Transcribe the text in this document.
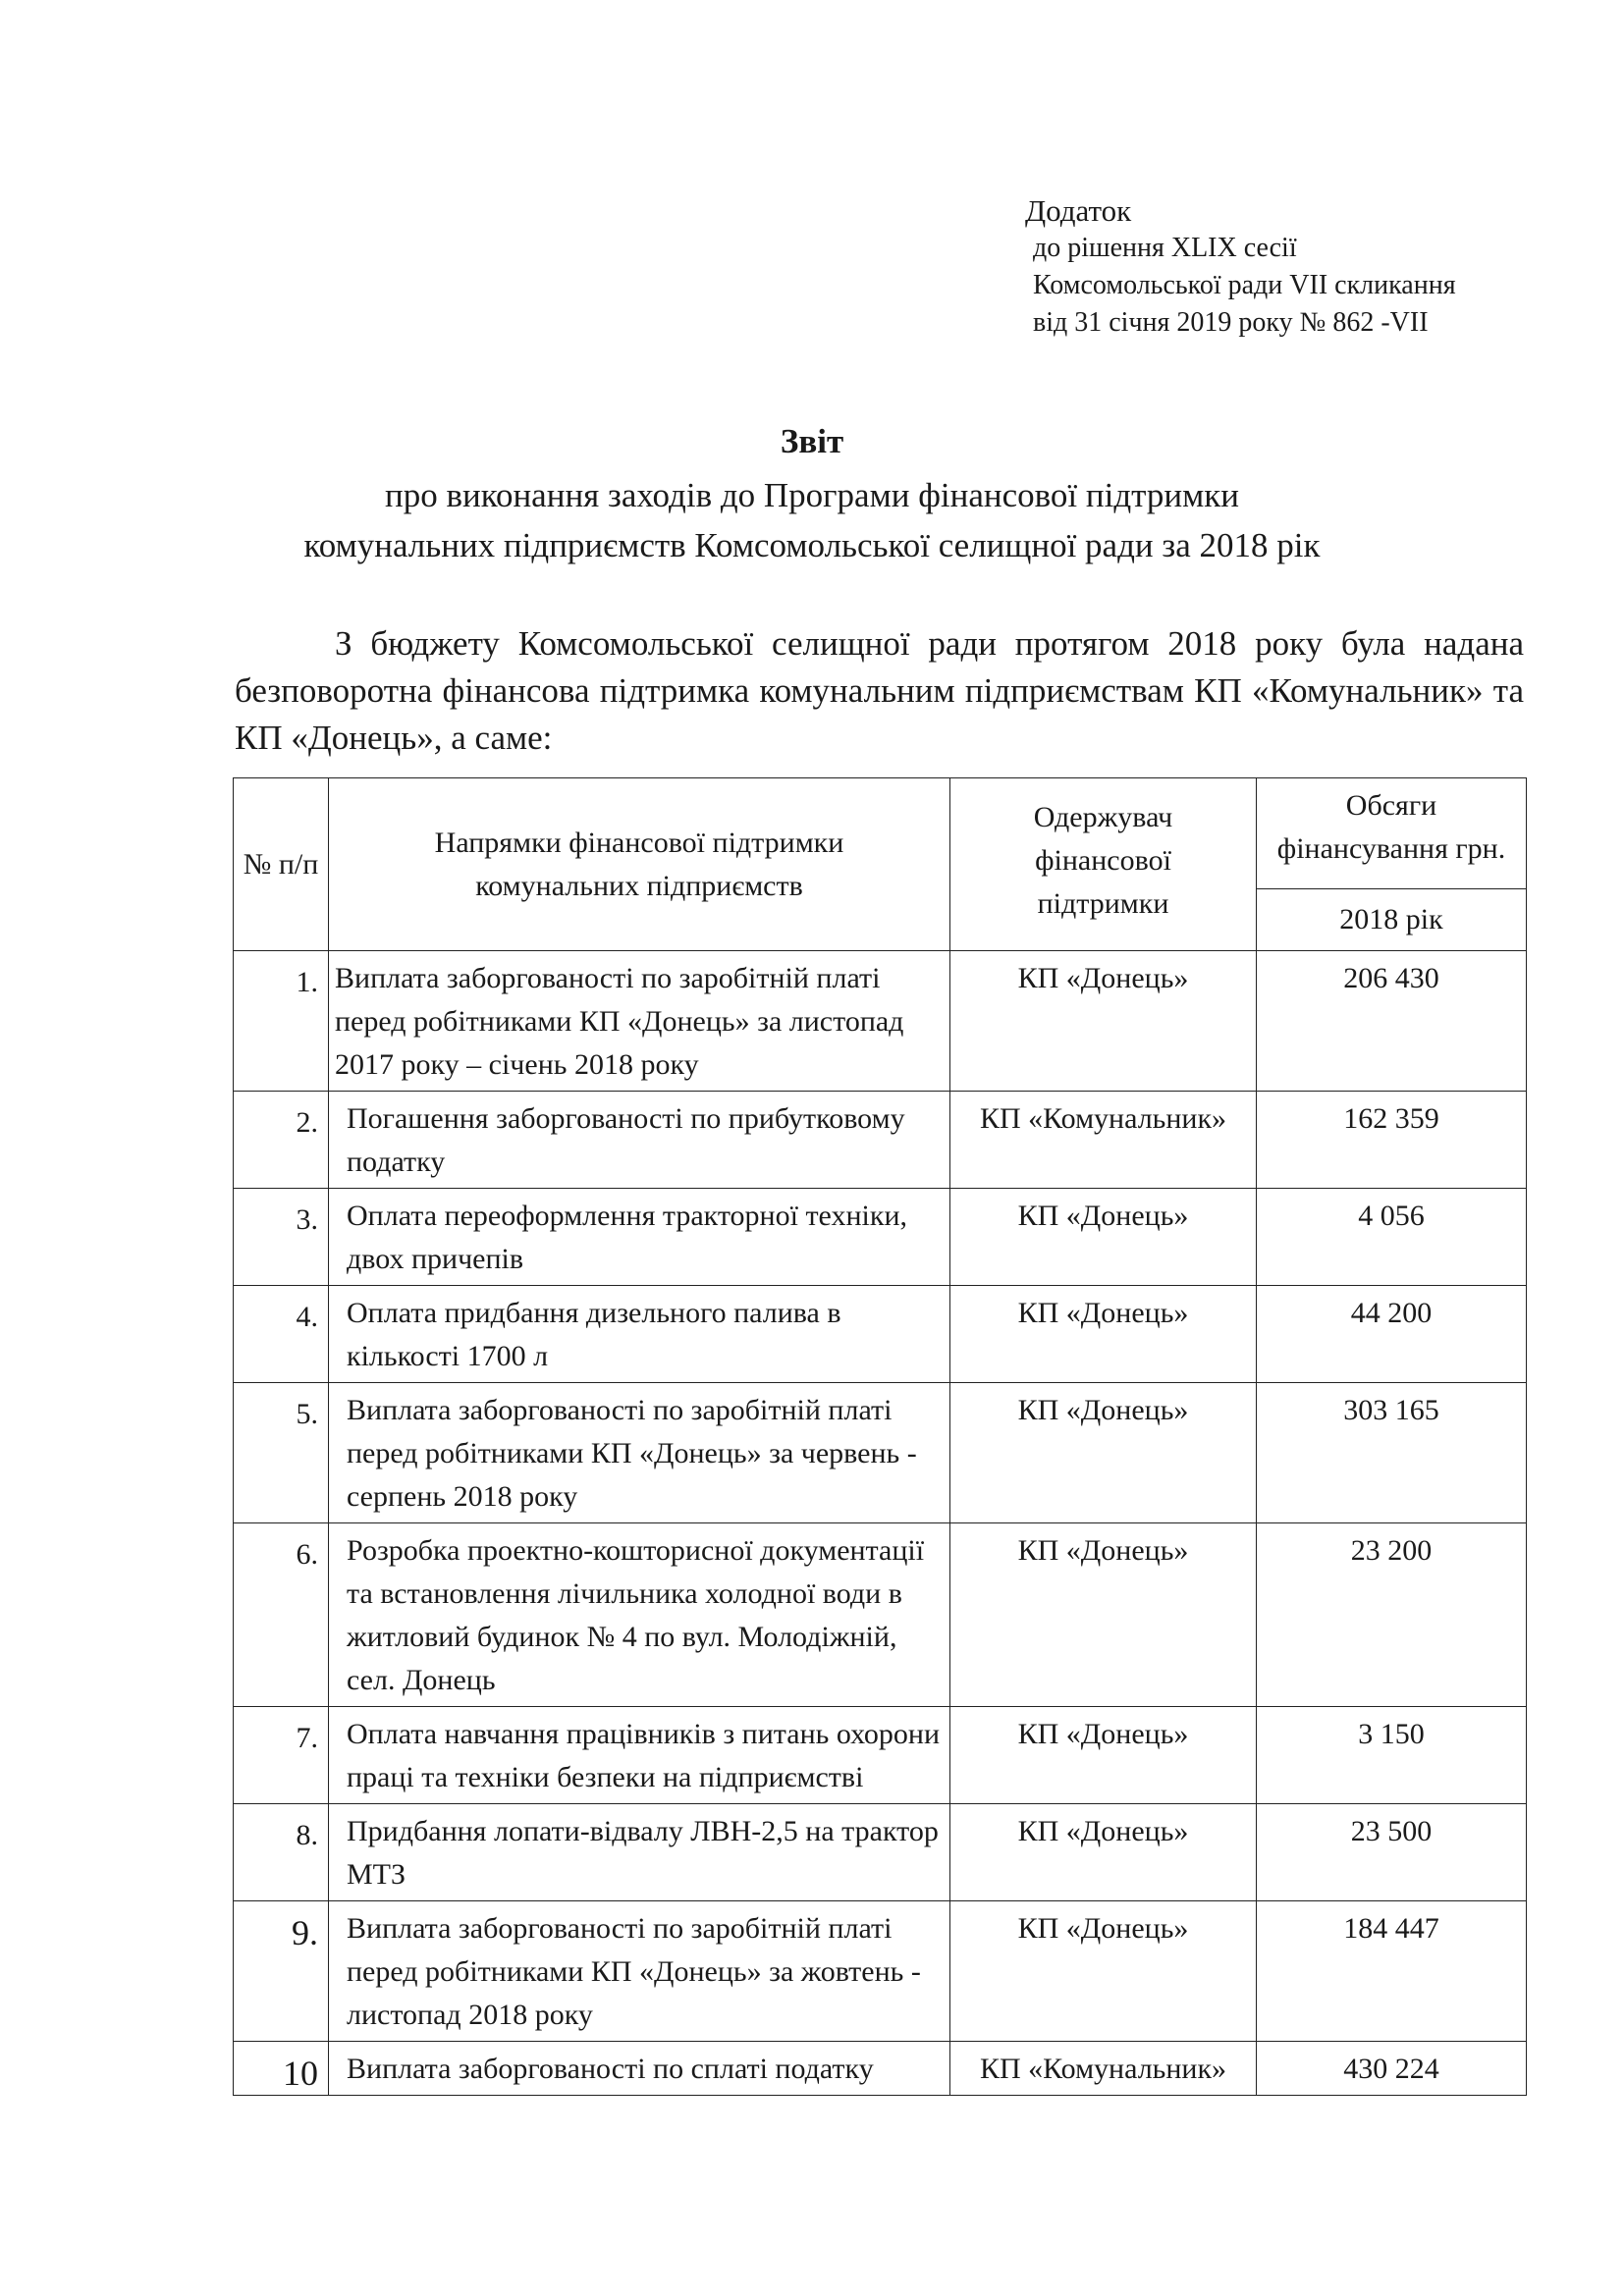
Додаток
до рішення XLIX сесії
Комсомольської ради VII скликання
від 31 січня 2019 року № 862 -VII
Звіт
про виконання заходів до Програми фінансової підтримки
комунальних підприємств Комсомольської селищної ради за 2018 рік

З бюджету Комсомольської селищної ради протягом 2018 року була надана безповоротна фінансова підтримка комунальним підприємствам КП «Комунальник» та КП «Донець», а саме:

№ п/п	Напрямки фінансової підтримки комунальних підприємств	Одержувач фінансової підтримки	Обсяги фінансування грн.

			2018 рік
1.	Виплата заборгованості по заробітній платі перед робітниками КП «Донець» за листопад 2017 року – січень 2018 року	КП «Донець»	206 430
2.	Погашення заборгованості по прибутковому податку	КП «Комунальник»	162 359
3.	Оплата переоформлення тракторної техніки, двох причепів	КП «Донець»	4 056
4.	Оплата придбання дизельного палива в кількості 1700 л	КП «Донець»	44 200
5.	Виплата заборгованості по заробітній платі перед робітниками КП «Донець» за червень - серпень 2018 року	КП «Донець»	303 165
6.	Розробка проектно-кошторисної документації та встановлення лічильника холодної води в житловий будинок № 4 по вул. Молодіжній, сел. Донець	КП «Донець»	23 200
7.	Оплата навчання працівників з питань охорони праці та техніки безпеки на підприємстві	КП «Донець»	3 150
8.	Придбання лопати-відвалу ЛВН-2,5 на трактор МТЗ	КП «Донець»	23 500
9.	Виплата заборгованості по заробітній платі перед робітниками КП «Донець» за жовтень - листопад 2018 року	КП «Донець»	184 447
10	Виплата заборгованості по сплаті податку	КП «Комунальник»	430 224
